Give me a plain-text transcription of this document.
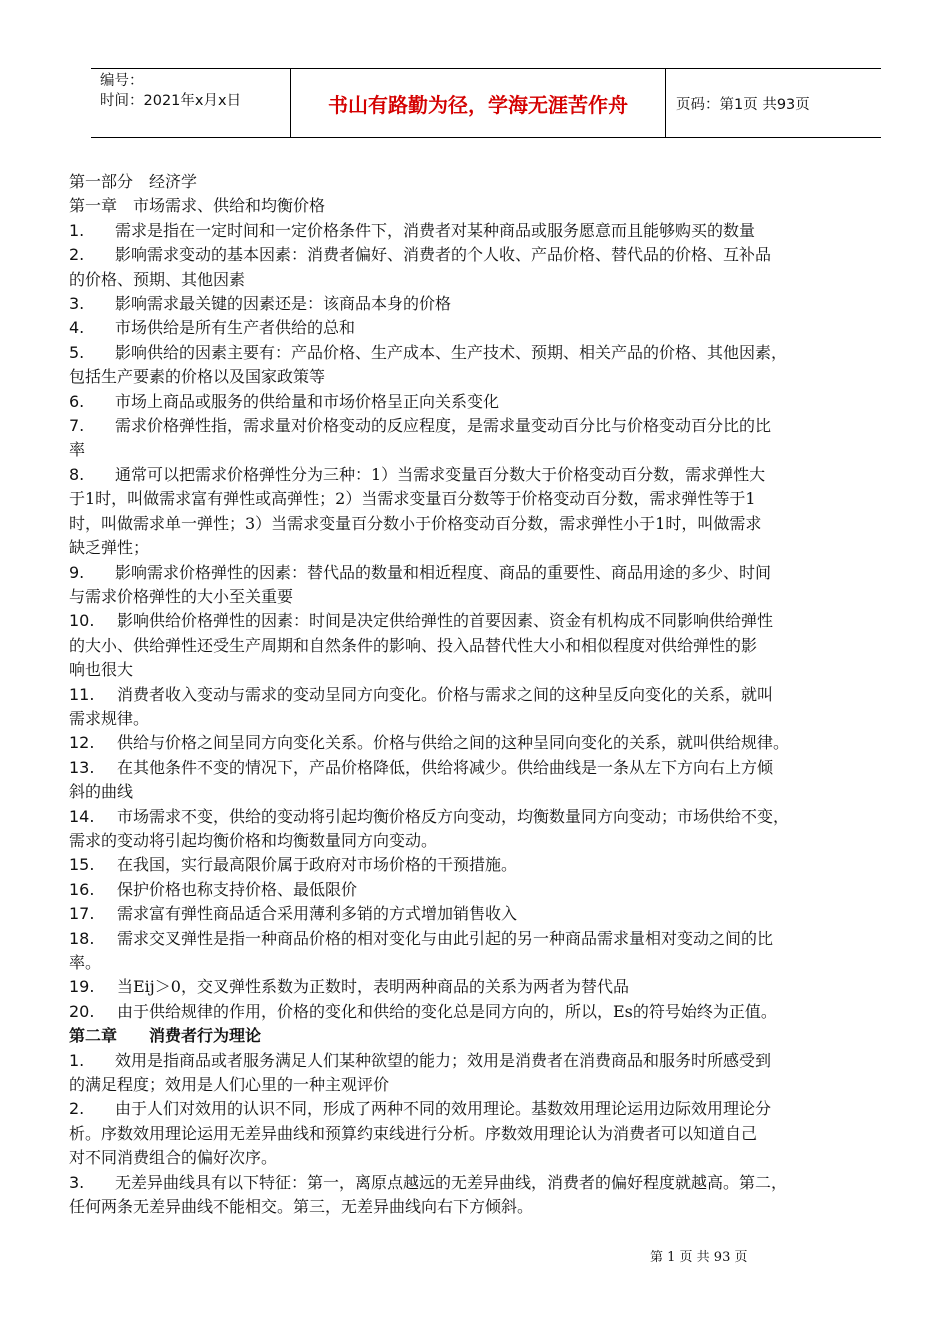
编号：
时间：2021年x月x日	书山有路勤为径，学海无涯苦作舟	页码：第1页 共93页
第一部分　经济学
第一章　市场需求、供给和均衡价格
1. 需求是指在一定时间和一定价格条件下，消费者对某种商品或服务愿意而且能够购买的数量
2. 影响需求变动的基本因素：消费者偏好、消费者的个人收、产品价格、替代品的价格、互补品
的价格、预期、其他因素
3. 影响需求最关键的因素还是：该商品本身的价格
4. 市场供给是所有生产者供给的总和
5. 影响供给的因素主要有：产品价格、生产成本、生产技术、预期、相关产品的价格、其他因素，
包括生产要素的价格以及国家政策等
6. 市场上商品或服务的供给量和市场价格呈正向关系变化
7. 需求价格弹性指，需求量对价格变动的反应程度，是需求量变动百分比与价格变动百分比的比
率
8. 通常可以把需求价格弹性分为三种：1）当需求变量百分数大于价格变动百分数，需求弹性大
于1时，叫做需求富有弹性或高弹性；2）当需求变量百分数等于价格变动百分数，需求弹性等于1
时，叫做需求单一弹性；3）当需求变量百分数小于价格变动百分数，需求弹性小于1时，叫做需求
缺乏弹性；
9. 影响需求价格弹性的因素：替代品的数量和相近程度、商品的重要性、商品用途的多少、时间
与需求价格弹性的大小至关重要
10. 影响供给价格弹性的因素：时间是决定供给弹性的首要因素、资金有机构成不同影响供给弹性
的大小、供给弹性还受生产周期和自然条件的影响、投入品替代性大小和相似程度对供给弹性的影
响也很大
11. 消费者收入变动与需求的变动呈同方向变化。价格与需求之间的这种呈反向变化的关系，就叫
需求规律。
12. 供给与价格之间呈同方向变化关系。价格与供给之间的这种呈同向变化的关系，就叫供给规律。
13. 在其他条件不变的情况下，产品价格降低，供给将减少。供给曲线是一条从左下方向右上方倾
斜的曲线
14. 市场需求不变，供给的变动将引起均衡价格反方向变动，均衡数量同方向变动；市场供给不变，
需求的变动将引起均衡价格和均衡数量同方向变动。
15. 在我国，实行最高限价属于政府对市场价格的干预措施。
16. 保护价格也称支持价格、最低限价
17. 需求富有弹性商品适合采用薄利多销的方式增加销售收入
18. 需求交叉弹性是指一种商品价格的相对变化与由此引起的另一种商品需求量相对变动之间的比
率。
19. 当Eij＞0，交叉弹性系数为正数时，表明两种商品的关系为两者为替代品
20. 由于供给规律的作用，价格的变化和供给的变化总是同方向的，所以，Es的符号始终为正值。
第二章　　消费者行为理论
1. 效用是指商品或者服务满足人们某种欲望的能力；效用是消费者在消费商品和服务时所感受到
的满足程度；效用是人们心里的一种主观评价
2. 由于人们对效用的认识不同，形成了两种不同的效用理论。基数效用理论运用边际效用理论分
析。序数效用理论运用无差异曲线和预算约束线进行分析。序数效用理论认为消费者可以知道自己
对不同消费组合的偏好次序。
3. 无差异曲线具有以下特征：第一，离原点越远的无差异曲线，消费者的偏好程度就越高。第二，
任何两条无差异曲线不能相交。第三，无差异曲线向右下方倾斜。
第 1 页 共 93 页
